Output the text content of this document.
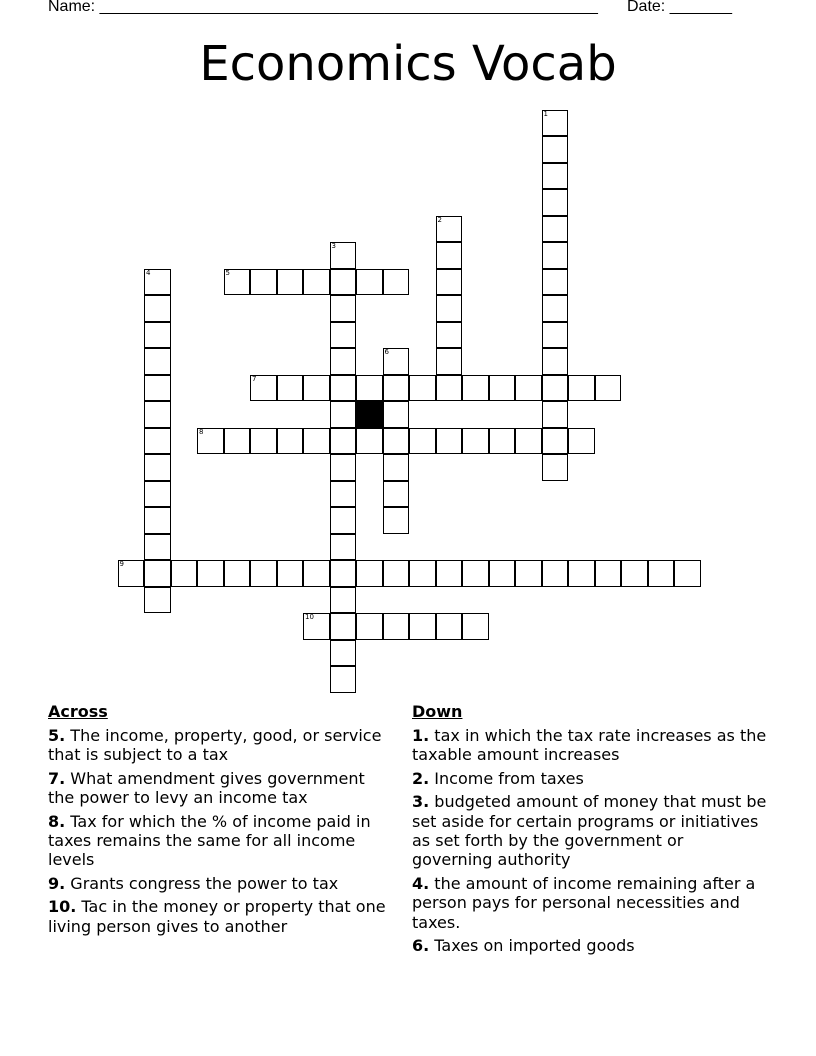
Name: ________________________________________________________ Date: _______
Economics Vocab
1
2
3
4	5
6
7
8
9
10
Across
5. The income, property, good, or service that is subject to a tax
7. What amendment gives government the power to levy an income tax
8. Tax for which the % of income paid in taxes remains the same for all income levels
9. Grants congress the power to tax
10. Tac in the money or property that one living person gives to another
Down
1. tax in which the tax rate increases as the taxable amount increases
2. Income from taxes
3. budgeted amount of money that must be set aside for certain programs or initiatives as set forth by the government or governing authority
4. the amount of income remaining after a person pays for personal necessities and taxes.
6. Taxes on imported goods
